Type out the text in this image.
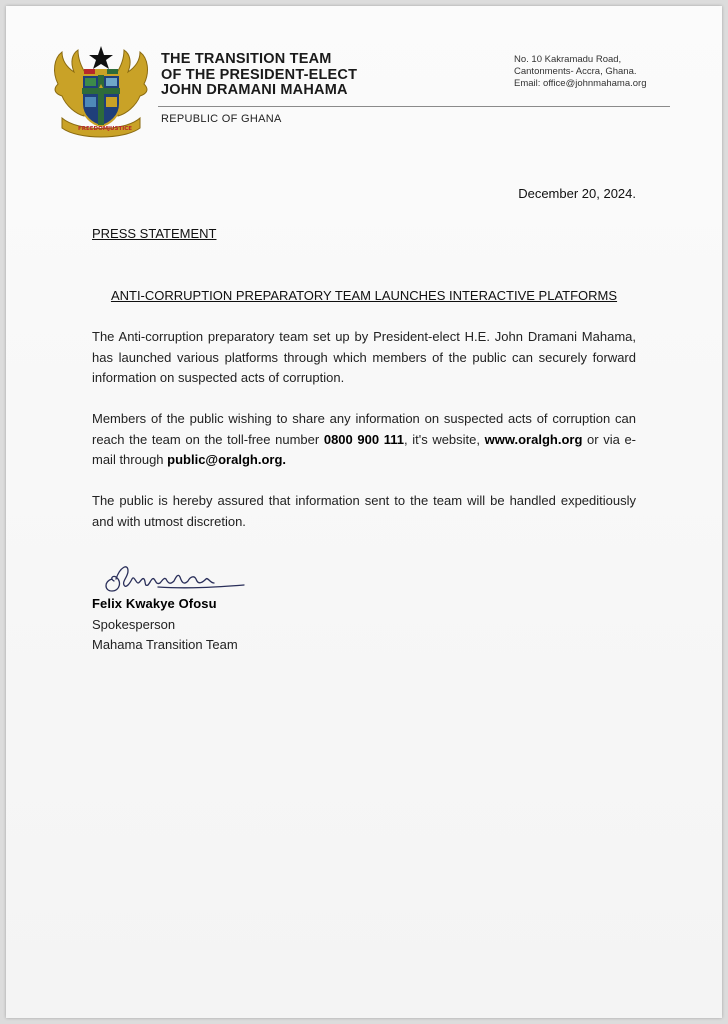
FREEDOM JUSTICE
THE TRANSITION TEAM
OF THE PRESIDENT-ELECT
JOHN DRAMANI MAHAMA
No. 10 Kakramadu Road,
Cantonments- Accra, Ghana.
Email: office@johnmahama.org
REPUBLIC OF GHANA
December 20, 2024.
PRESS STATEMENT
ANTI-CORRUPTION PREPARATORY TEAM LAUNCHES INTERACTIVE PLATFORMS
The Anti-corruption preparatory team set up by President-elect H.E. John Dramani Mahama, has launched various platforms through which members of the public can securely forward information on suspected acts of corruption.
Members of the public wishing to share any information on suspected acts of corruption can reach the team on the toll-free number 0800 900 111, it's website, www.oralgh.org or via e-mail through public@oralgh.org.
The public is hereby assured that information sent to the team will be handled expeditiously and with utmost discretion.
Felix Kwakye Ofosu
Spokesperson
Mahama Transition Team
